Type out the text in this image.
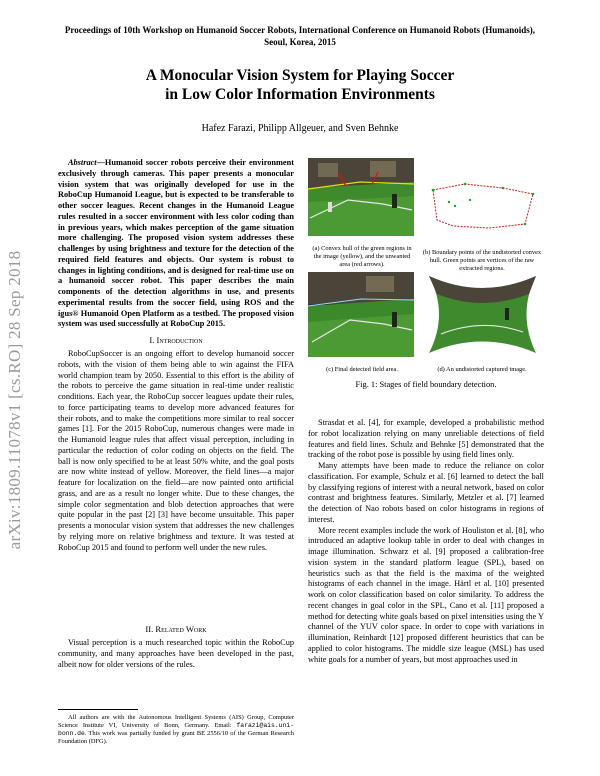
Proceedings of 10th Workshop on Humanoid Soccer Robots, International Conference on Humanoid Robots (Humanoids), Seoul, Korea, 2015
A Monocular Vision System for Playing Soccer
in Low Color Information Environments
Hafez Farazi, Philipp Allgeuer, and Sven Behnke
arXiv:1809.11078v1 [cs.RO] 28 Sep 2018

Abstract—Humanoid soccer robots perceive their environment exclusively through cameras. This paper presents a monocular vision system that was originally developed for use in the RoboCup Humanoid League, but is expected to be transferable to other soccer leagues. Recent changes in the Humanoid League rules resulted in a soccer environment with less color coding than in previous years, which makes perception of the game situation more challenging. The proposed vision system addresses these challenges by using brightness and texture for the detection of the required field features and objects. Our system is robust to changes in lighting conditions, and is designed for real-time use on a humanoid soccer robot. This paper describes the main components of the detection algorithms in use, and presents experimental results from the soccer field, using ROS and the igus® Humanoid Open Platform as a testbed. The proposed vision system was used successfully at RoboCup 2015.

I. Introduction

RoboCupSoccer is an ongoing effort to develop humanoid soccer robots, with the vision of them being able to win against the FIFA world champion team by 2050. Essential to this effort is the ability of the robots to perceive the game situation in real-time under realistic conditions. Each year, the RoboCup soccer leagues update their rules, to force participating teams to develop more advanced features for their robots, and to make the competitions more similar to real soccer games [1]. For the 2015 RoboCup, numerous changes were made in the Humanoid league rules that affect visual perception, including in particular the reduction of color coding on objects on the field. The ball is now only specified to be at least 50% white, and the goal posts are now white instead of yellow. Moreover, the field lines—a major feature for localization on the field—are now painted onto artificial grass, and are as a result no longer white. Due to these changes, the simple color segmentation and blob detection approaches that were quite popular in the past [2] [3] have become unsuitable. This paper presents a monocular vision system that addresses the new challenges by relying more on relative brightness and texture. It was tested at RoboCup 2015 and found to perform well under the new rules.

II. Related Work

Visual perception is a much researched topic within the RoboCup community, and many approaches have been developed in the past, albeit now for older versions of the rules.

All authors are with the Autonomous Intelligent Systems (AIS) Group, Computer Science Institute VI, University of Bonn, Germany. Email: farazi@ais.uni-bonn.de. This work was partially funded by grant BE 2556/10 of the German Research Foundation (DFG).

(a) Convex hull of the green regions in the image (yellow), and the unwanted area (red arrows).
(b) Boundary points of the undistorted convex hull. Green points are vertices of the raw extracted regions.
(c) Final detected field area.	(d) An undistorted captured image.
Fig. 1: Stages of field boundary detection.

Strasdat et al. [4], for example, developed a probabilistic method for robot localization relying on many unreliable detections of field features and field lines. Schulz and Behnke [5] demonstrated that the tracking of the robot pose is possible by using field lines only.

Many attempts have been made to reduce the reliance on color classification. For example, Schulz et al. [6] learned to detect the ball by classifying regions of interest with a neural network, based on color contrast and brightness features. Similarly, Metzler et al. [7] learned the detection of Nao robots based on color histograms in regions of interest.

More recent examples include the work of Houliston et al. [8], who introduced an adaptive lookup table in order to deal with changes in image illumination. Schwarz et al. [9] proposed a calibration-free vision system in the standard platform league (SPL), based on heuristics such as that the field is the maxima of the weighted histograms of each channel in the image. Härtl et al. [10] presented work on color classification based on color similarity. To address the recent changes in goal color in the SPL, Cano et al. [11] proposed a method for detecting white goals based on pixel intensities using the Y channel of the YUV color space. In order to cope with variations in illumination, Reinhardt [12] proposed different heuristics that can be applied to color histograms. The middle size league (MSL) has used white goals for a number of years, but most approaches used in
